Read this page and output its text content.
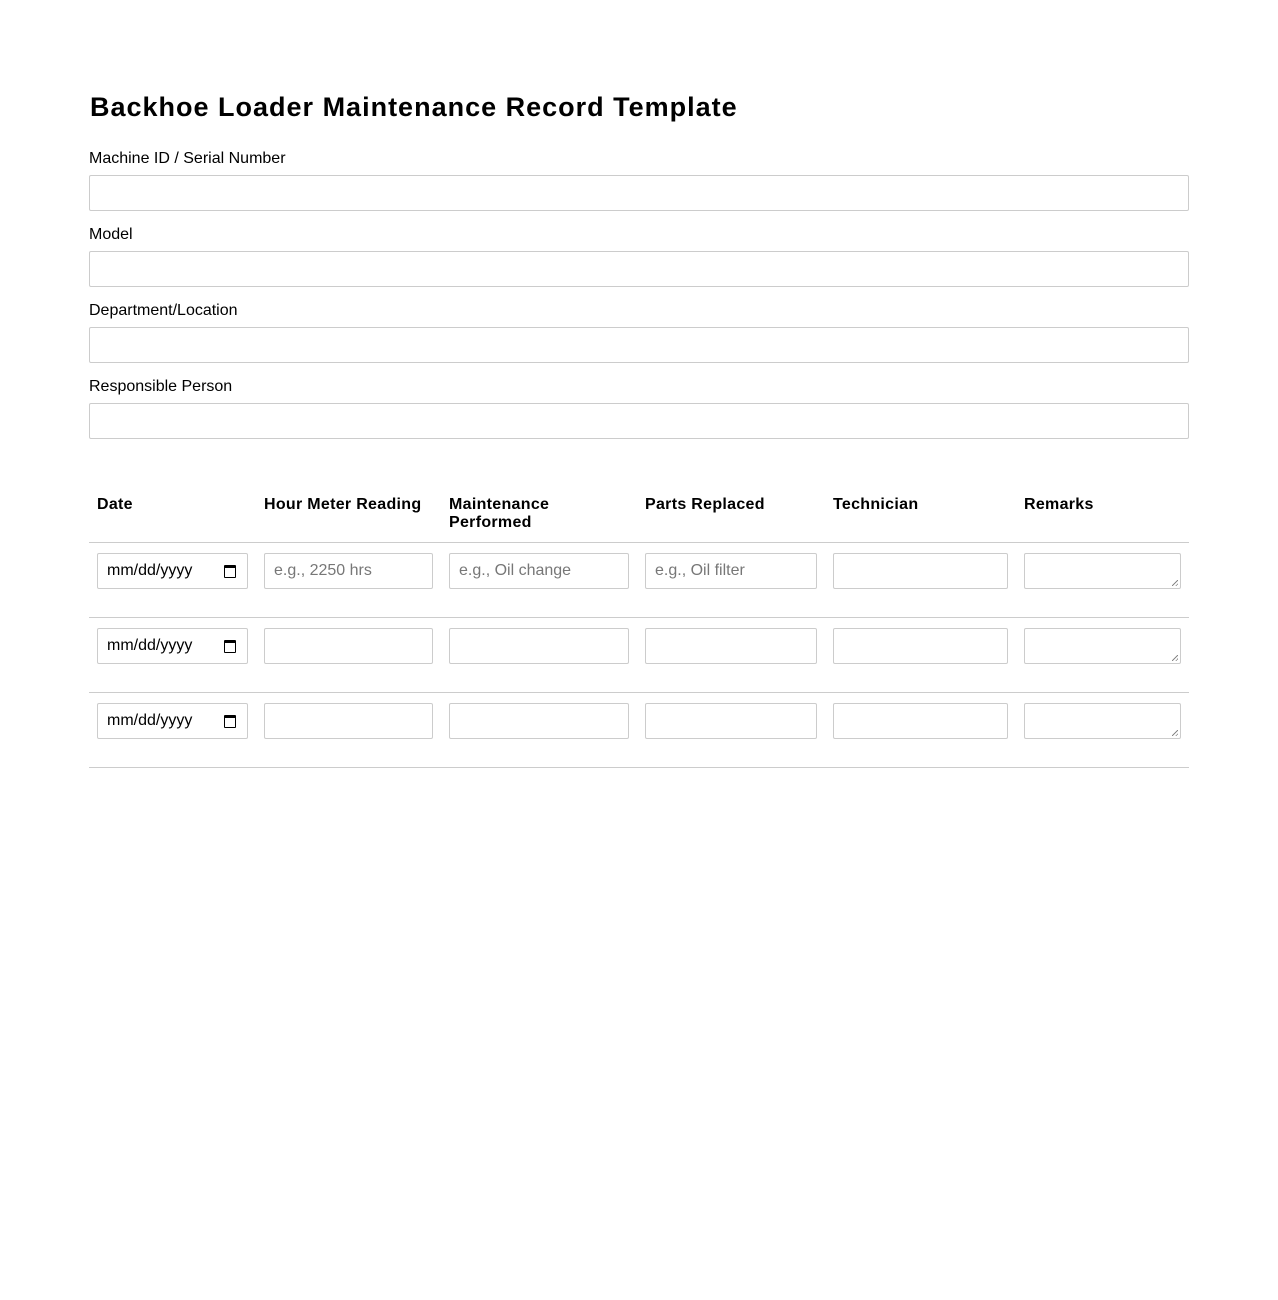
Backhoe Loader Maintenance Record Template
Machine ID / Serial Number
Model
Department/Location
Responsible Person
Date	Hour Meter Reading	Maintenance Performed	Parts Replaced	Technician	Remarks

mm/dd/yyyy	e.g., 2250 hrs	e.g., Oil change	e.g., Oil filter		

mm/dd/yyyy					

mm/dd/yyyy					
